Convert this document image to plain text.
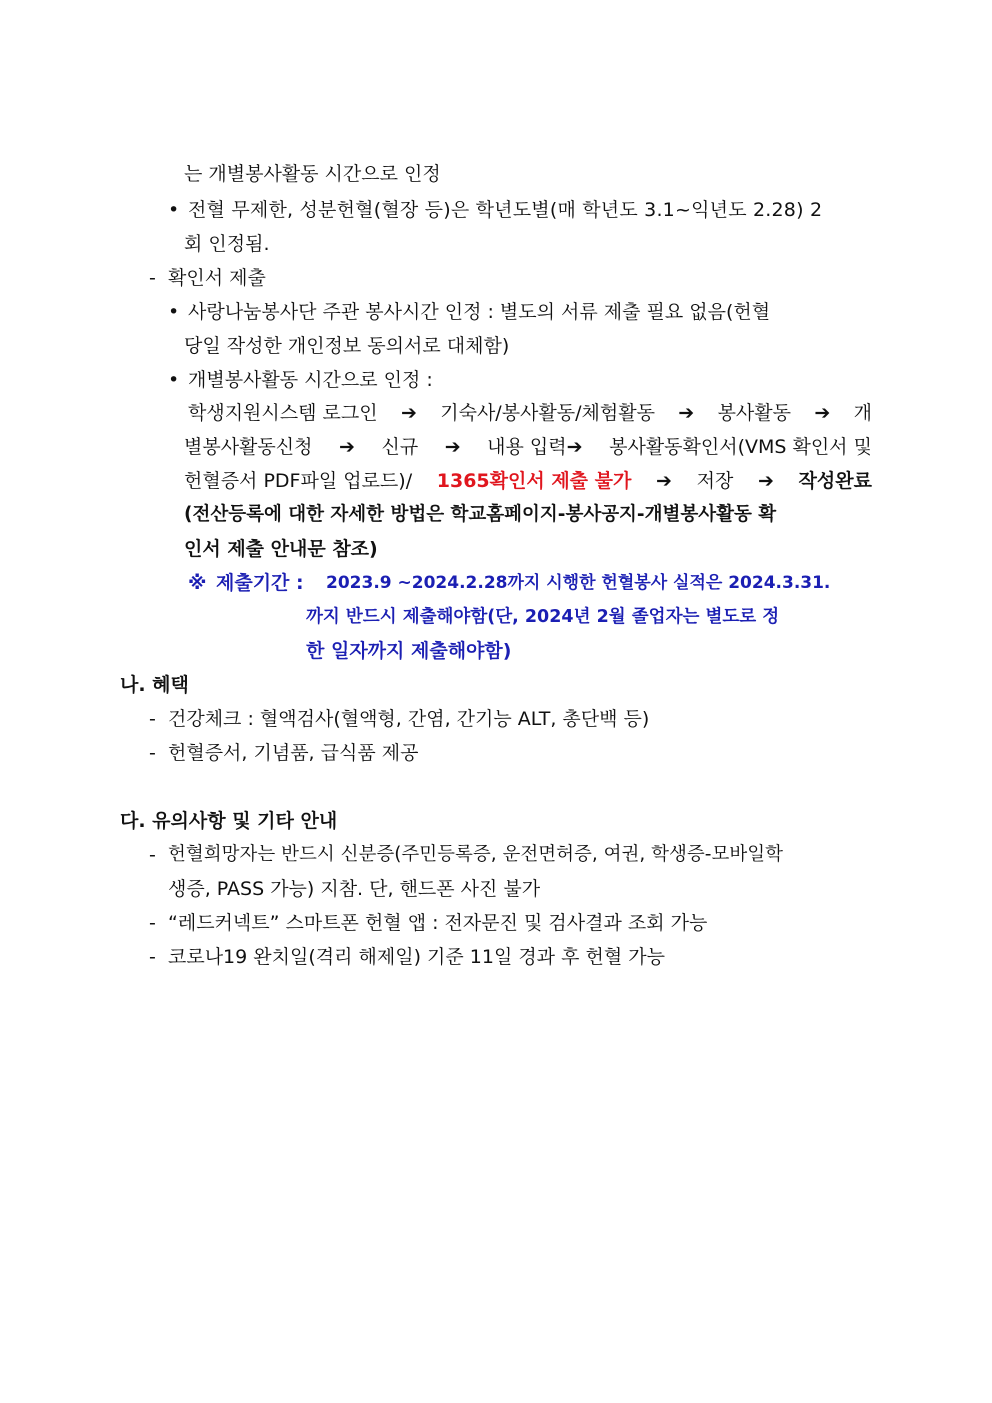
는 개별봉사활동 시간으로 인정
• 전혈 무제한, 성분헌혈(혈장 등)은 학년도별(매 학년도 3.1~익년도 2.28) 2
회 인정됨.
- 확인서 제출
• 사랑나눔봉사단 주관 봉사시간 인정 : 별도의 서류 제출 필요 없음(헌혈
당일 작성한 개인정보 동의서로 대체함)
• 개별봉사활동 시간으로 인정 :
학생지원시스템 로그인 ➔ 기숙사/봉사활동/체험활동 ➔ 봉사활동 ➔ 개
별봉사활동신청 ➔ 신규 ➔ 내용 입력➔ 봉사활동확인서(VMS 확인서 및
헌혈증서 PDF파일 업로드)/ 1365확인서 제출 불가 ➔ 저장 ➔ 작성완료
(전산등록에 대한 자세한 방법은 학교홈페이지-봉사공지-개별봉사활동 확
인서 제출 안내문 참조)
※ 제출기간 : 2023.9 ~2024.2.28까지 시행한 헌혈봉사 실적은 2024.3.31.
까지 반드시 제출해야함(단, 2024년 2월 졸업자는 별도로 정
한 일자까지 제출해야함)
나. 혜택
- 건강체크 : 혈액검사(혈액형, 간염, 간기능 ALT, 총단백 등)
- 헌혈증서, 기념품, 급식품 제공
다. 유의사항 및 기타 안내
- 헌혈희망자는 반드시 신분증(주민등록증, 운전면허증, 여권, 학생증-모바일학
생증, PASS 가능) 지참. 단, 핸드폰 사진 불가
- “레드커넥트” 스마트폰 헌혈 앱 : 전자문진 및 검사결과 조회 가능
- 코로나19 완치일(격리 해제일) 기준 11일 경과 후 헌혈 가능
